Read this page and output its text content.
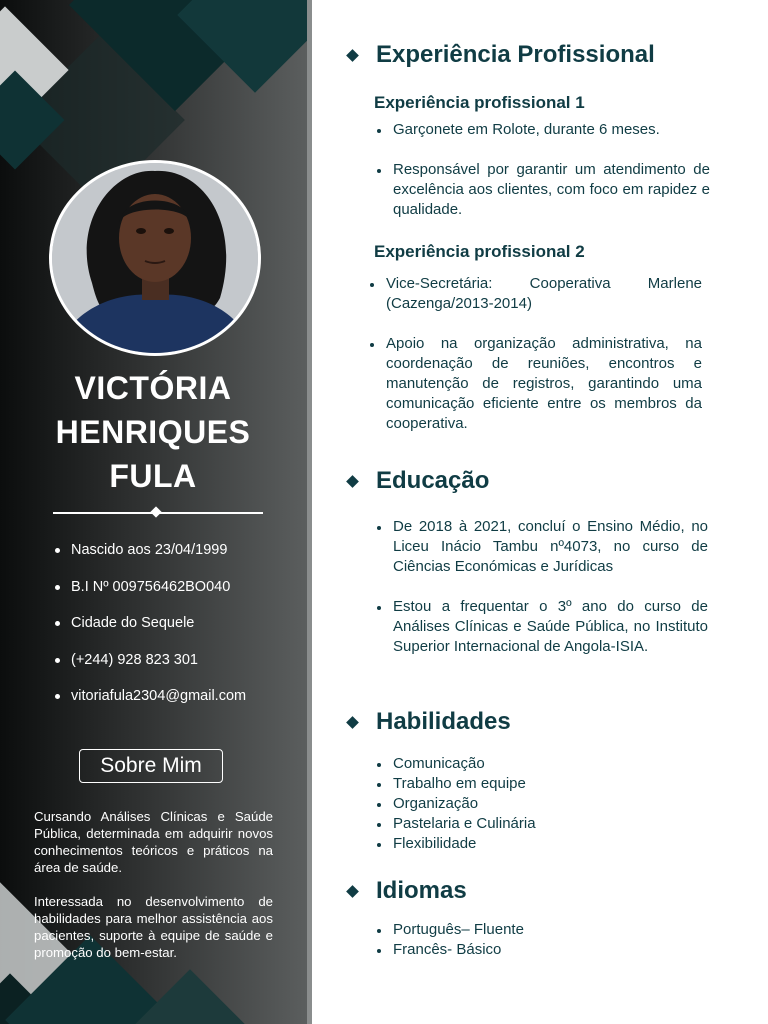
VICTÓRIA
HENRIQUES
FULA
Nascido aos 23/04/1999
B.I Nº 009756462BO040
Cidade do Sequele
(+244) 928 823 301
vitoriafula2304@gmail.com
Sobre Mim

Cursando Análises Clínicas e Saúde Pública, determinada em adquirir novos conhecimentos teóricos e práticos na área de saúde.

Interessada no desenvolvimento de habilidades para melhor assistência aos pacientes, suporte à equipe de saúde e promoção do bem-estar.

Experiência Profissional
Experiência profissional 1
Garçonete em Rolote, durante 6 meses.
Responsável por garantir um atendimento de excelência aos clientes, com foco em rapidez e qualidade.
Experiência profissional 2
Vice-Secretária: Cooperativa Marlene (Cazenga/2013-2014)
Apoio na organização administrativa, na coordenação de reuniões, encontros e manutenção de registros, garantindo uma comunicação eficiente entre os membros da cooperativa.
Educação
De 2018 à 2021, concluí o Ensino Médio, no Liceu Inácio Tambu nº4073, no curso de Ciências Económicas e Jurídicas
Estou a frequentar o 3º ano do curso de Análises Clínicas e Saúde Pública, no Instituto Superior Internacional de Angola-ISIA.
Habilidades
Comunicação
Trabalho em equipe
Organização
Pastelaria e Culinária
Flexibilidade
Idiomas
Português– Fluente
Francês- Básico
